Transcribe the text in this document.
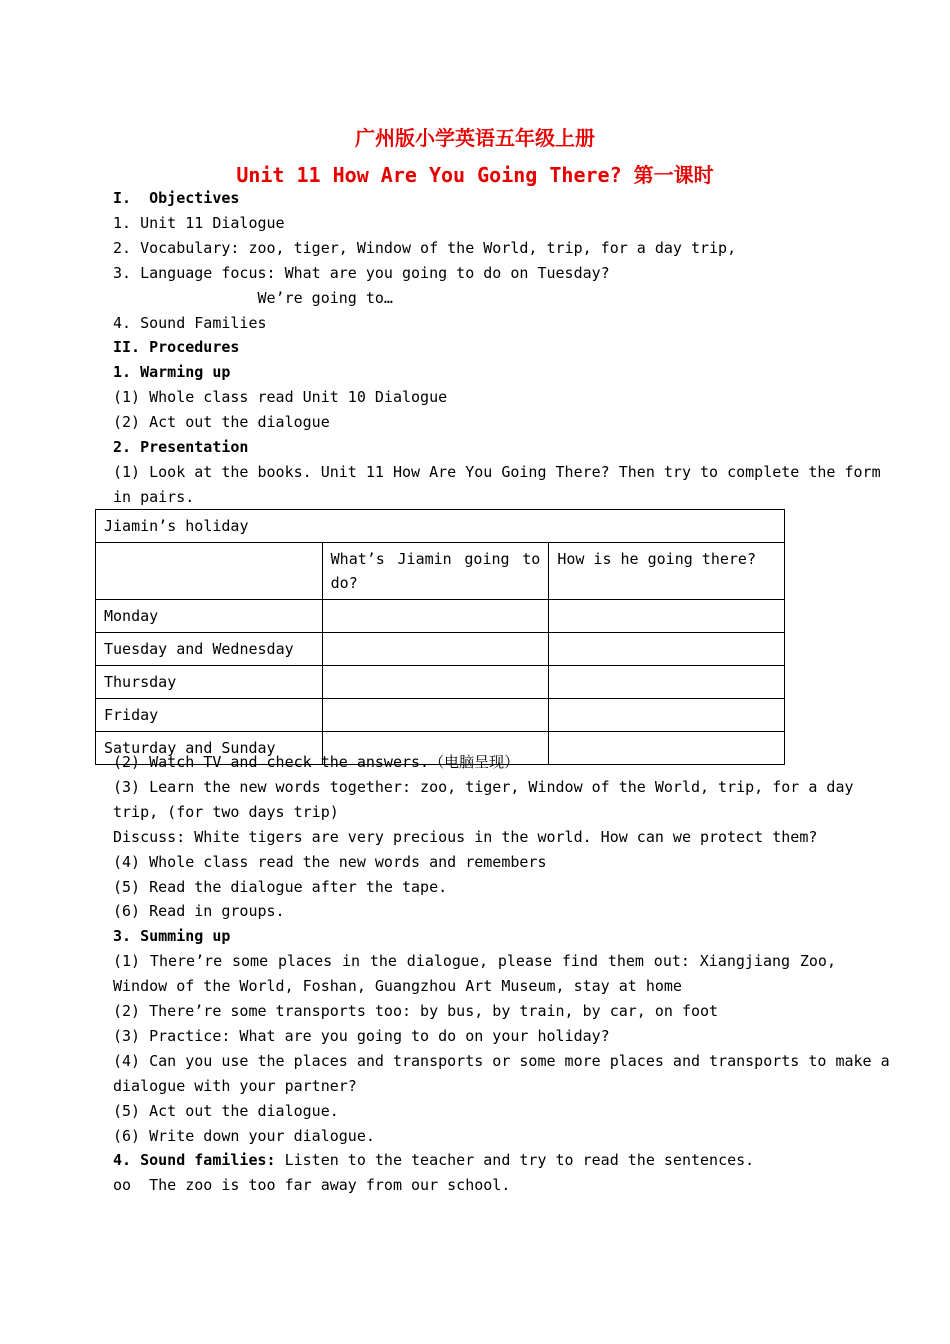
广州版小学英语五年级上册
Unit 11 How Are You Going There? 第一课时
I.  Objectives
1. Unit 11 Dialogue
2. Vocabulary: zoo, tiger, Window of the World, trip, for a day trip,
3. Language focus: What are you going to do on Tuesday?
We’re going to…
4. Sound Families
II. Procedures
1. Warming up
(1) Whole class read Unit 10 Dialogue
(2) Act out the dialogue
2. Presentation
(1) Look at the books. Unit 11 How Are You Going There? Then try to complete the form
in pairs.
Jiamin’s holiday		
	What’s Jiamin going to do?	How is he going there?
Monday		
Tuesday and Wednesday		
Thursday		
Friday		
Saturday and Sunday		
(2) Watch TV and check the answers.（电脑呈现）
(3) Learn the new words together: zoo, tiger, Window of the World, trip, for a day
trip, (for two days trip)
Discuss: White tigers are very precious in the world. How can we protect them?
(4) Whole class read the new words and remembers
(5) Read the dialogue after the tape.
(6) Read in groups.
3. Summing up
(1) There’re some places in the dialogue, please find them out: Xiangjiang Zoo,
Window of the World, Foshan, Guangzhou Art Museum, stay at home
(2) There’re some transports too: by bus, by train, by car, on foot
(3) Practice: What are you going to do on your holiday?
(4) Can you use the places and transports or some more places and transports to make a
dialogue with your partner?
(5) Act out the dialogue.
(6) Write down your dialogue.
4. Sound families: Listen to the teacher and try to read the sentences.
oo  The zoo is too far away from our school.
